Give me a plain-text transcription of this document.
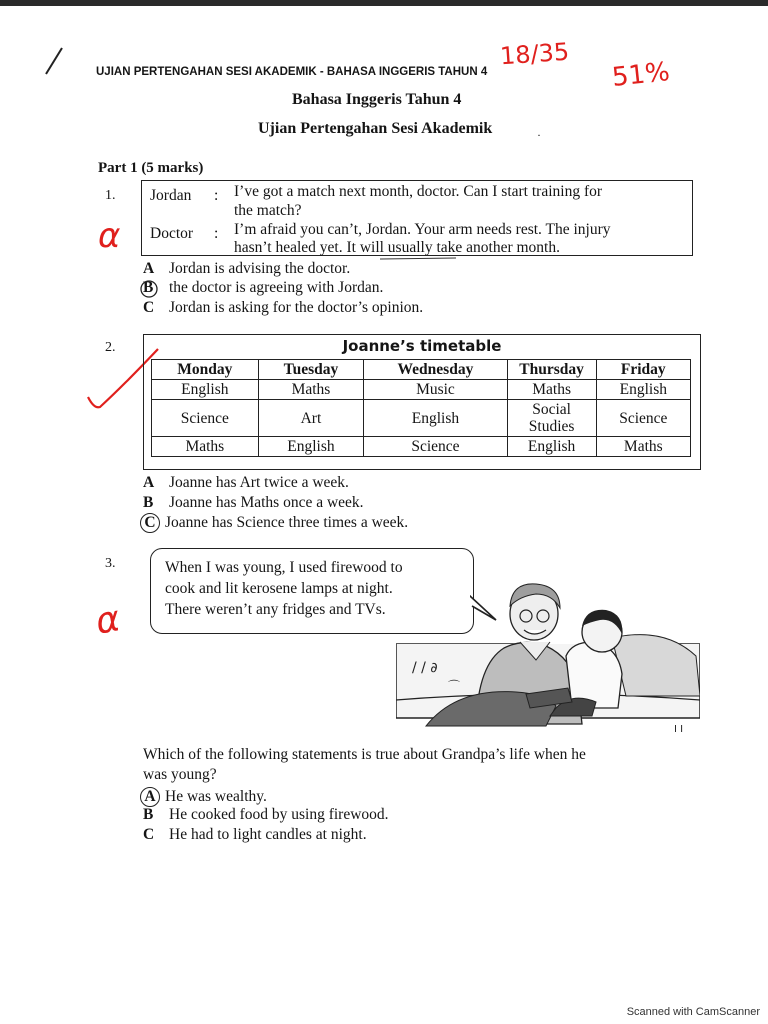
UJIAN PERTENGAHAN SESI AKADEMIK - BAHASA INGGERIS TAHUN 4
18/35
51%
Bahasa Inggeris Tahun 4
Ujian Pertengahan Sesi Akademik	·
Part 1 (5 marks)
1.
α
Jordan : I’ve got a match next month, doctor. Can I start training for
the match?
Doctor : I’m afraid you can’t, Jordan. Your arm needs rest. The injury
hasn’t healed yet. It will usually take another month.
A Jordan is advising the doctor.
B the doctor is agreeing with Jordan.
C Jordan is asking for the doctor’s opinion.
2.	Joanne’s timetable
Monday	Tuesday	Wednesday	Thursday	Friday
English	Maths	Music	Maths	English
Science	Art	English	Social Studies	Science
Maths	English	Science	English	Maths
A Joanne has Art twice a week.
B Joanne has Maths once a week.
C Joanne has Science three times a week.
3.
α
When I was young, I used firewood to
cook and lit kerosene lamps at night.
There weren’t any fridges and TVs.
/ / ∂
⌒
I I
Which of the following statements is true about Grandpa’s life when he
was young?
A He was wealthy.
B He cooked food by using firewood.
C He had to light candles at night.
Scanned with CamScanner
